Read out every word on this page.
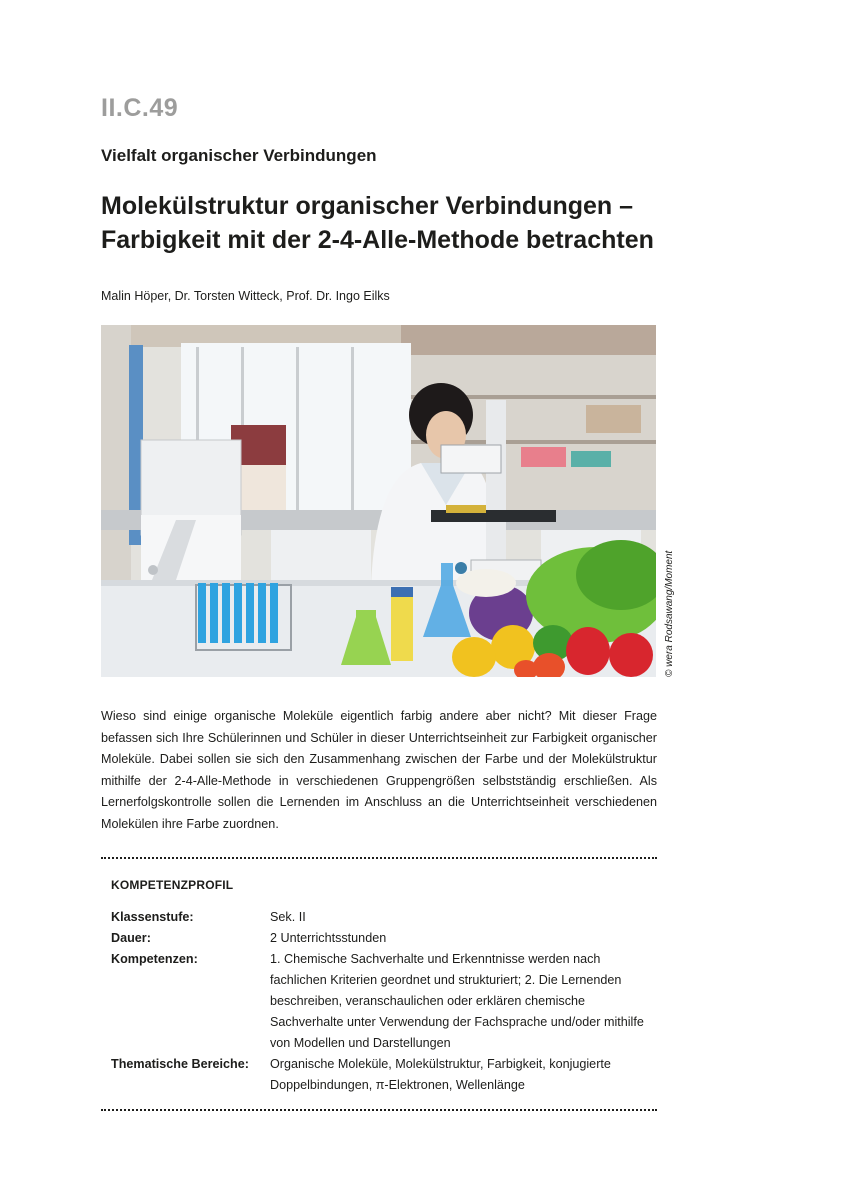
II.C.49
Vielfalt organischer Verbindungen
Molekülstruktur organischer Verbindungen –
Farbigkeit mit der 2-4-Alle-Methode betrachten
Malin Höper, Dr. Torsten Witteck, Prof. Dr. Ingo Eilks
© wera Rodsawang/Moment

Wieso sind einige organische Moleküle eigentlich farbig andere aber nicht? Mit dieser Frage befassen sich Ihre Schülerinnen und Schüler in dieser Unterrichtseinheit zur Farbigkeit organischer Moleküle. Dabei sollen sie sich den Zusammenhang zwischen der Farbe und der Molekülstruktur mithilfe der 2-4-Alle-Methode in verschiedenen Gruppengrößen selbstständig erschließen. Als Lernerfolgskontrolle sollen die Lernenden im Anschluss an die Unterrichtseinheit verschiedenen Molekülen ihre Farbe zuordnen.

KOMPETENZPROFIL
Klassenstufe:	Sek. II
Dauer:	2 Unterrichtsstunden
Kompetenzen:	1. Chemische Sachverhalte und Erkenntnisse werden nach fachlichen Kriterien geordnet und strukturiert; 2. Die Lernenden beschreiben, veranschaulichen oder erklären chemische Sachverhalte unter Verwendung der Fachsprache und/oder mithilfe von Modellen und Darstellungen
Thematische Bereiche:	Organische Moleküle, Molekülstruktur, Farbigkeit, konjugierte Doppelbindungen, π-Elektronen, Wellenlänge
